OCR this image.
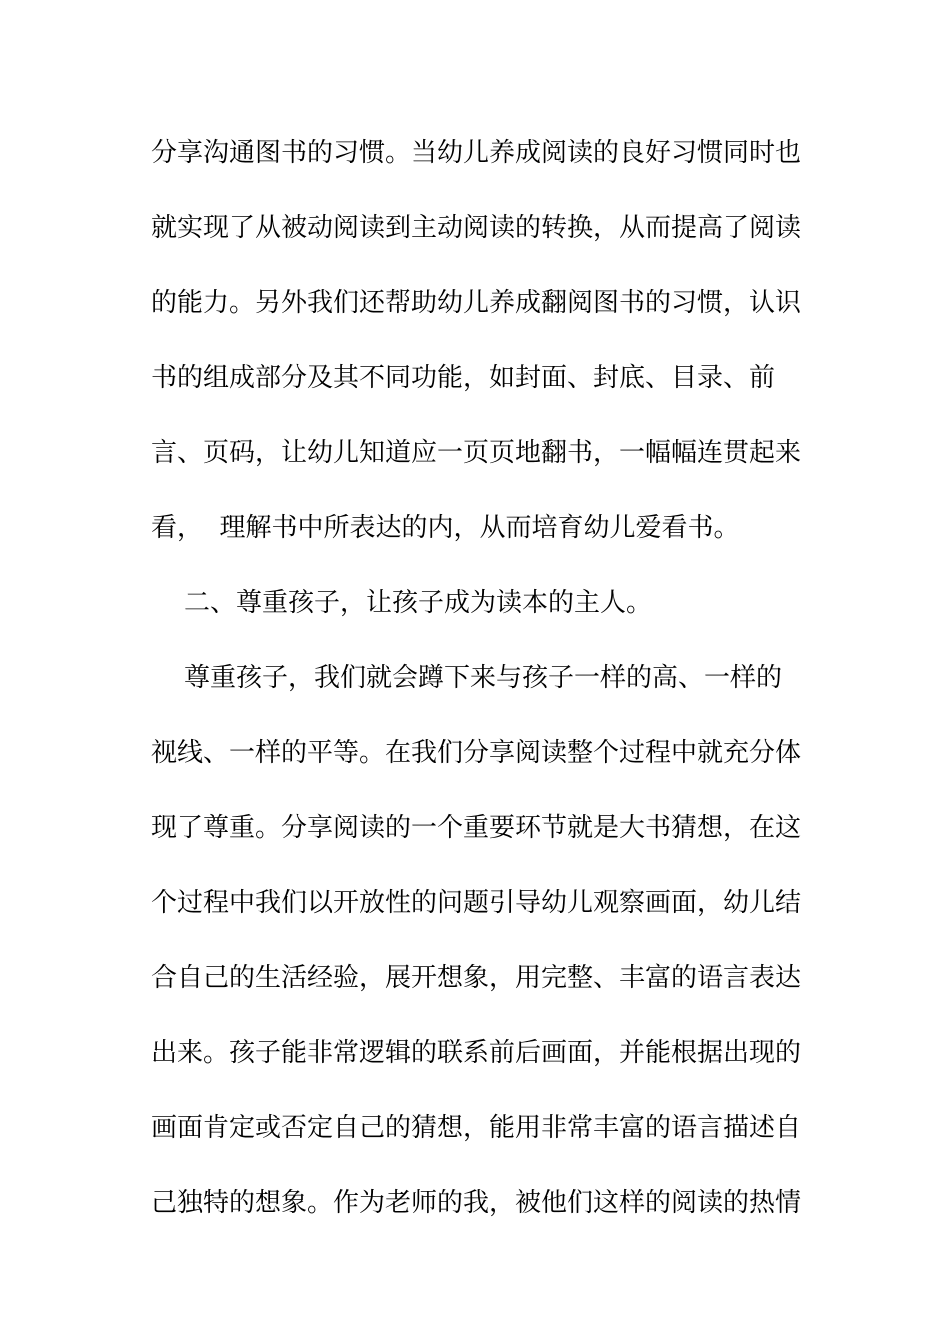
分享沟通图书的习惯。当幼儿养成阅读的良好习惯同时也
就实现了从被动阅读到主动阅读的转换，从而提高了阅读
的能力。另外我们还帮助幼儿养成翻阅图书的习惯，认识
书的组成部分及其不同功能，如封面、封底、目录、前
言、页码，让幼儿知道应一页页地翻书，一幅幅连贯起来
看，  理解书中所表达的内，从而培育幼儿爱看书。
二、尊重孩子，让孩子成为读本的主人。
尊重孩子，我们就会蹲下来与孩子一样的高、一样的
视线、一样的平等。在我们分享阅读整个过程中就充分体
现了尊重。分享阅读的一个重要环节就是大书猜想，在这
个过程中我们以开放性的问题引导幼儿观察画面，幼儿结
合自己的生活经验，展开想象，用完整、丰富的语言表达
出来。孩子能非常逻辑的联系前后画面，并能根据出现的
画面肯定或否定自己的猜想，能用非常丰富的语言描述自
己独特的想象。作为老师的我，被他们这样的阅读的热情
